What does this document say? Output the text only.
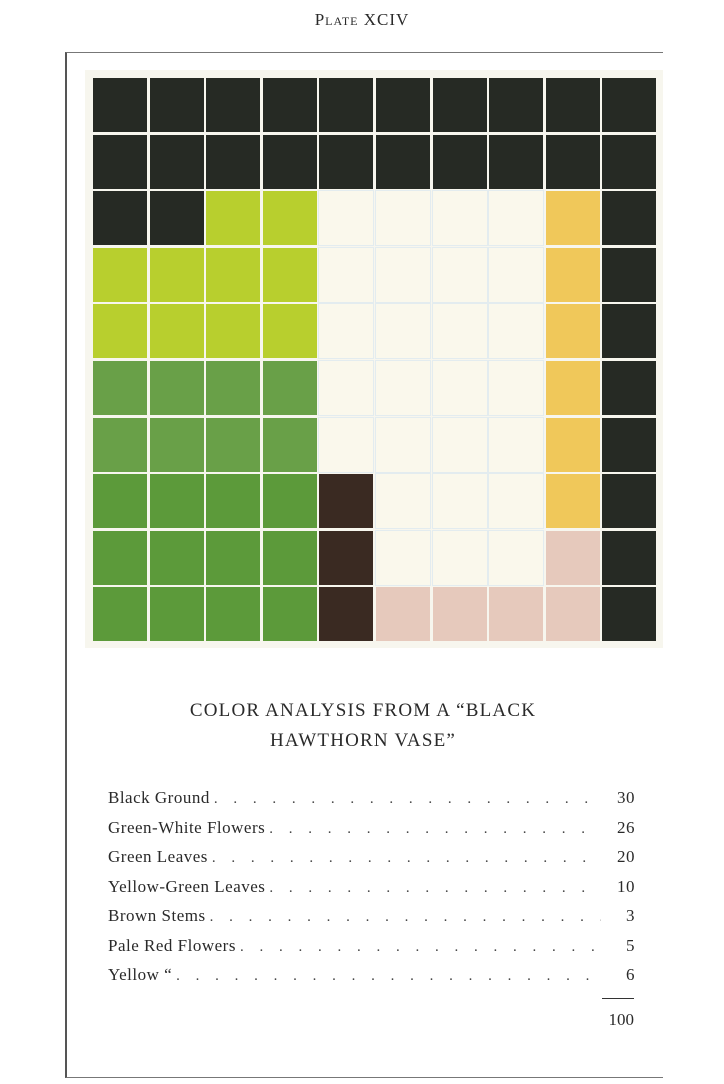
Plate XCIV
COLOR ANALYSIS FROM A “BLACK
HAWTHORN VASE”
Black Ground . . .	30
Green-White Flowers . . .	26
Green Leaves . . .	20
Yellow-Green Leaves . . .	10
Brown Stems . . .	3
Pale Red Flowers . . .	5
Yellow “ . . .	6
100
